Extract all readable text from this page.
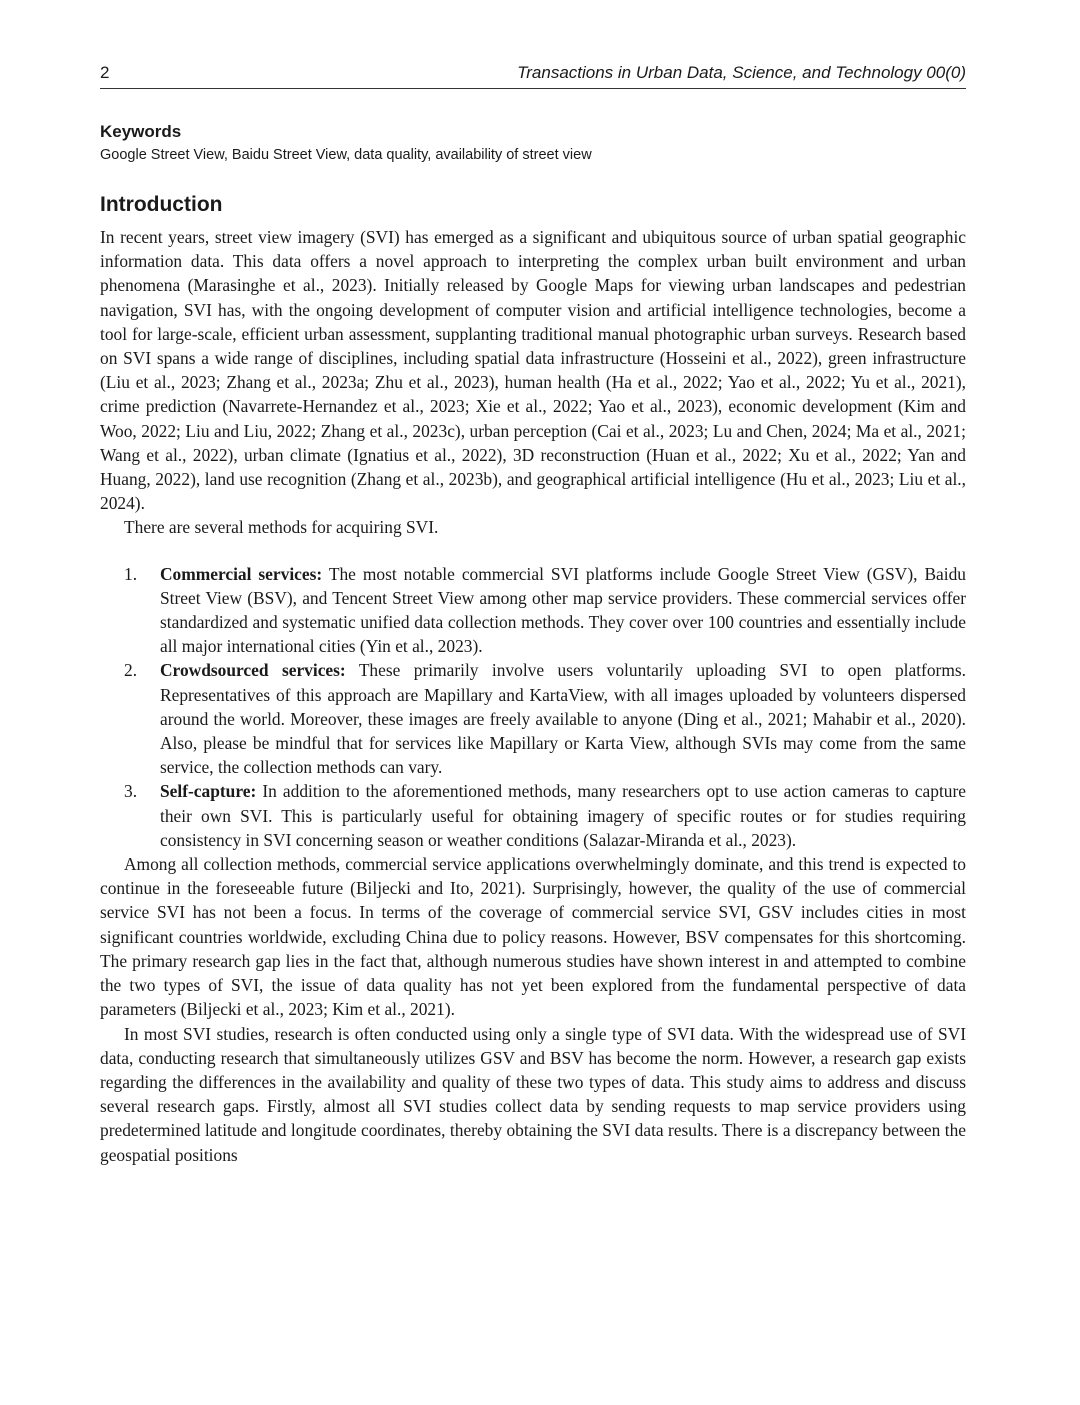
2	Transactions in Urban Data, Science, and Technology 00(0)
Keywords
Google Street View, Baidu Street View, data quality, availability of street view
Introduction

In recent years, street view imagery (SVI) has emerged as a significant and ubiquitous source of urban spatial geographic information data. This data offers a novel approach to interpreting the complex urban built environment and urban phenomena (Marasinghe et al., 2023). Initially released by Google Maps for viewing urban landscapes and pedestrian navigation, SVI has, with the ongoing development of computer vision and artificial intelligence technologies, become a tool for large-scale, efficient urban assessment, supplanting traditional manual photographic urban surveys. Research based on SVI spans a wide range of disciplines, including spatial data infrastructure (Hosseini et al., 2022), green infrastructure (Liu et al., 2023; Zhang et al., 2023a; Zhu et al., 2023), human health (Ha et al., 2022; Yao et al., 2022; Yu et al., 2021), crime prediction (Navarrete-Hernandez et al., 2023; Xie et al., 2022; Yao et al., 2023), economic development (Kim and Woo, 2022; Liu and Liu, 2022; Zhang et al., 2023c), urban perception (Cai et al., 2023; Lu and Chen, 2024; Ma et al., 2021; Wang et al., 2022), urban climate (Ignatius et al., 2022), 3D reconstruction (Huan et al., 2022; Xu et al., 2022; Yan and Huang, 2022), land use recognition (Zhang et al., 2023b), and geographical artificial intelligence (Hu et al., 2023; Liu et al., 2024).

There are several methods for acquiring SVI.

1. Commercial services: The most notable commercial SVI platforms include Google Street View (GSV), Baidu Street View (BSV), and Tencent Street View among other map service providers. These commercial services offer standardized and systematic unified data collection methods. They cover over 100 countries and essentially include all major international cities (Yin et al., 2023).
2. Crowdsourced services: These primarily involve users voluntarily uploading SVI to open platforms. Representatives of this approach are Mapillary and KartaView, with all images uploaded by volunteers dispersed around the world. Moreover, these images are freely available to anyone (Ding et al., 2021; Mahabir et al., 2020). Also, please be mindful that for services like Mapillary or Karta View, although SVIs may come from the same service, the collection methods can vary.
3. Self-capture: In addition to the aforementioned methods, many researchers opt to use action cameras to capture their own SVI. This is particularly useful for obtaining imagery of specific routes or for studies requiring consistency in SVI concerning season or weather conditions (Salazar-Miranda et al., 2023).

Among all collection methods, commercial service applications overwhelmingly dominate, and this trend is expected to continue in the foreseeable future (Biljecki and Ito, 2021). Surprisingly, however, the quality of the use of commercial service SVI has not been a focus. In terms of the coverage of commercial service SVI, GSV includes cities in most significant countries worldwide, excluding China due to policy reasons. However, BSV compensates for this shortcoming. The primary research gap lies in the fact that, although numerous studies have shown interest in and attempted to combine the two types of SVI, the issue of data quality has not yet been explored from the fundamental perspective of data parameters (Biljecki et al., 2023; Kim et al., 2021).

In most SVI studies, research is often conducted using only a single type of SVI data. With the widespread use of SVI data, conducting research that simultaneously utilizes GSV and BSV has become the norm. However, a research gap exists regarding the differences in the availability and quality of these two types of data. This study aims to address and discuss several research gaps. Firstly, almost all SVI studies collect data by sending requests to map service providers using predetermined latitude and longitude coordinates, thereby obtaining the SVI data results. There is a discrepancy between the geospatial positions
